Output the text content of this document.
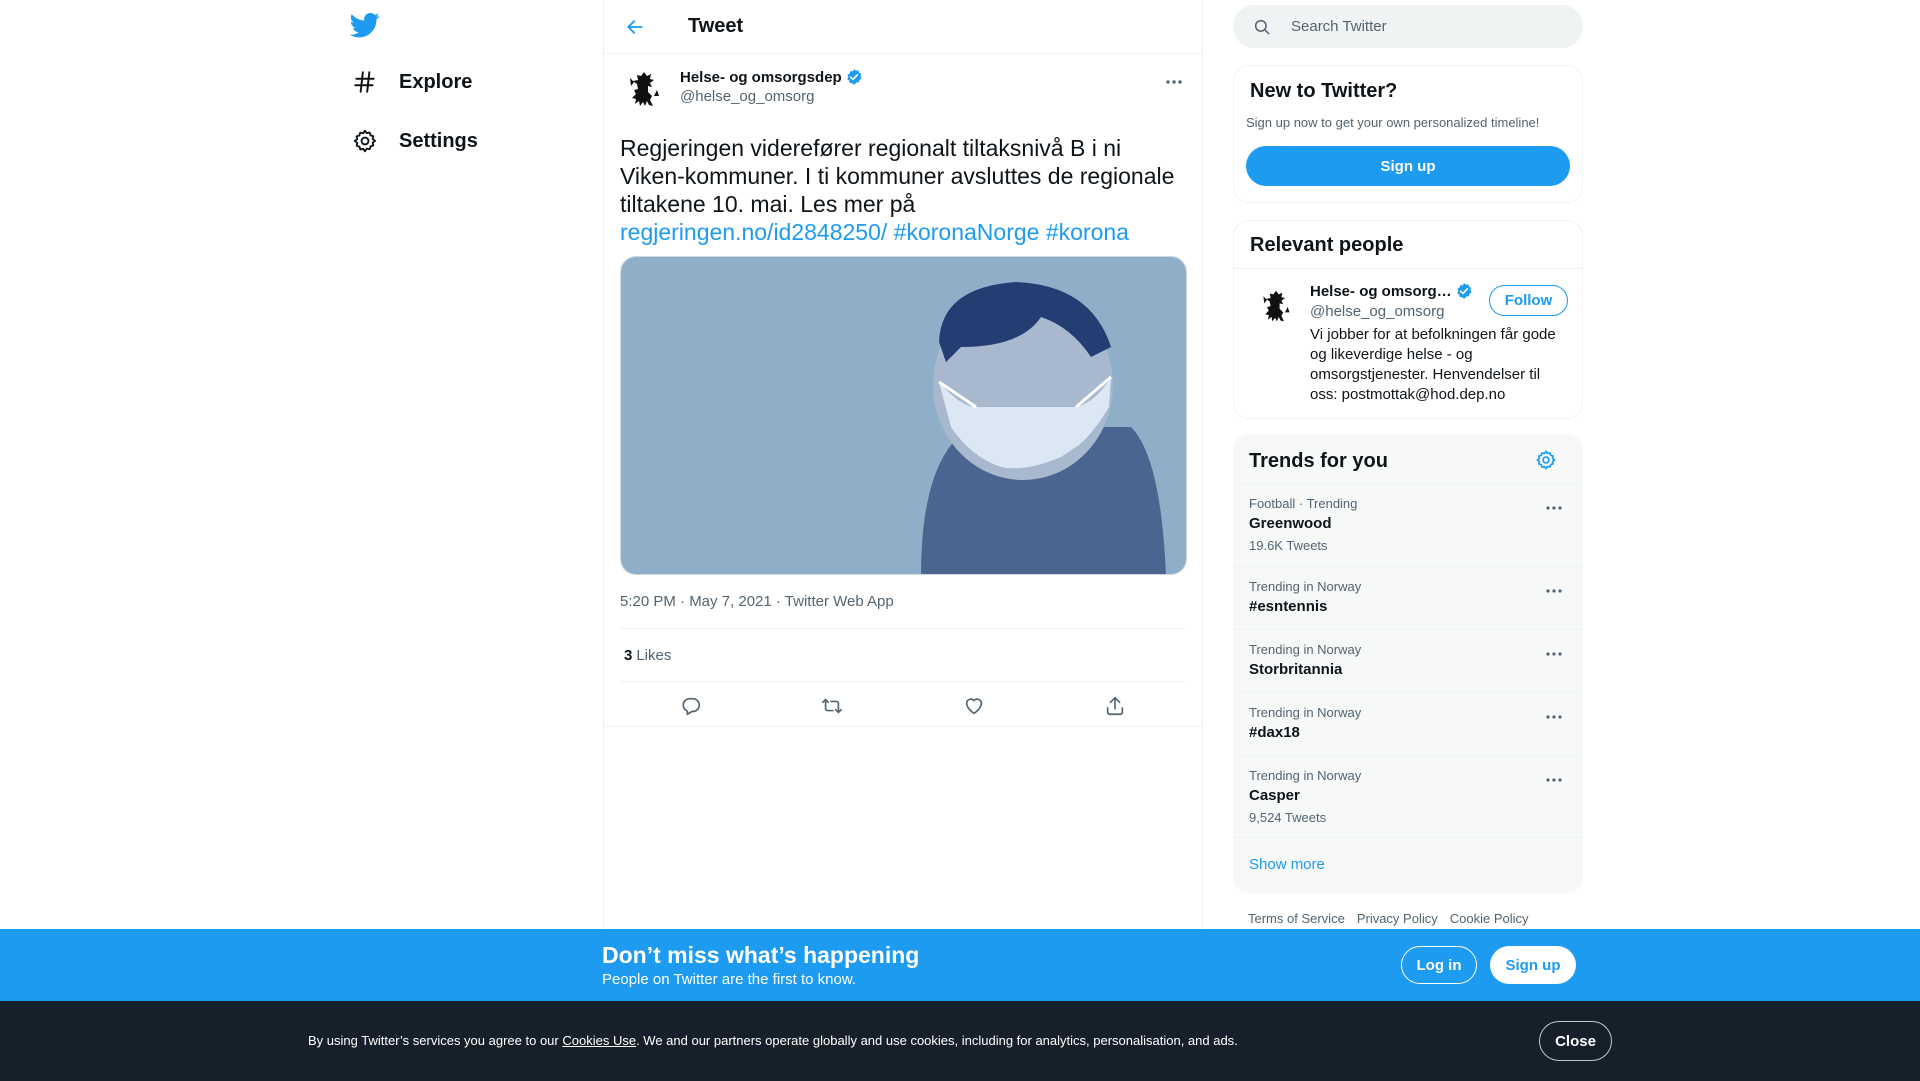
Explore
Settings
Tweet
Helse- og omsorgsdep
@helse_og_omsorg
Regjeringen viderefører regionalt tiltaksnivå B i ni Viken-kommuner. I ti kommuner avsluttes de regionale tiltakene 10. mai. Les mer på
regjeringen.no/id2848250/ #koronaNorge #korona
5:20 PM · May 7, 2021 · Twitter Web App
3 Likes
Search Twitter
New to Twitter?
Sign up now to get your own personalized timeline!
Sign up
Relevant people
Helse- og omsorg…
@helse_og_omsorg
Follow
Vi jobber for at befolkningen får gode og likeverdige helse - og omsorgstjenester. Henvendelser til oss: postmottak@hod.dep.no
Trends for you
Football · Trending
Greenwood
19.6K Tweets
Trending in Norway
#esntennis
Trending in Norway
Storbritannia
Trending in Norway
#dax18
Trending in Norway
Casper
9,524 Tweets
Show more
Terms of Service Privacy Policy Cookie Policy
Don’t miss what’s happening
People on Twitter are the first to know.
Log in	Sign up
By using Twitter’s services you agree to our Cookies Use. We and our partners operate globally and use cookies, including for analytics, personalisation, and ads.	Close
